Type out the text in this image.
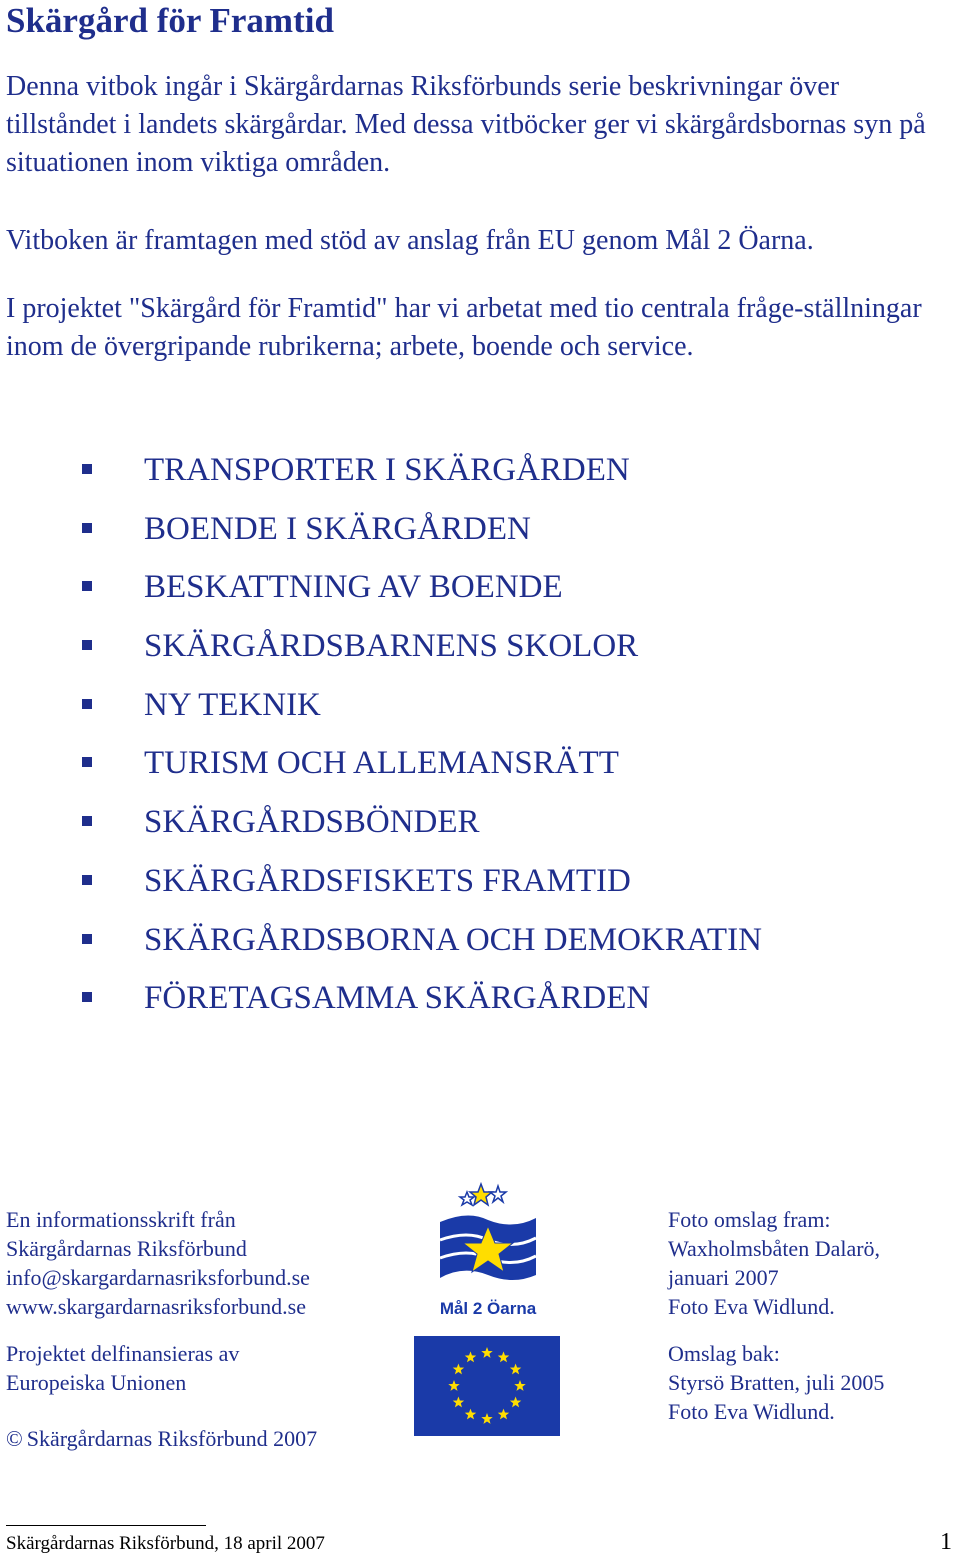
Skärgård för Framtid

Denna vitbok ingår i Skärgårdarnas Riksförbunds serie beskrivningar över tillståndet i landets skärgårdar. Med dessa vitböcker ger vi skärgårdsbornas syn på situationen inom viktiga områden.

Vitboken är framtagen med stöd av anslag från EU genom Mål 2 Öarna.

I projektet "Skärgård för Framtid" har vi arbetat med tio centrala fråge-ställningar inom de övergripande rubrikerna; arbete, boende och service.

TRANSPORTER I SKÄRGÅRDEN
BOENDE I SKÄRGÅRDEN
BESKATTNING AV BOENDE
SKÄRGÅRDSBARNENS SKOLOR
NY TEKNIK
TURISM OCH ALLEMANSRÄTT
SKÄRGÅRDSBÖNDER
SKÄRGÅRDSFISKETS FRAMTID
SKÄRGÅRDSBORNA OCH DEMOKRATIN
FÖRETAGSAMMA SKÄRGÅRDEN
En informationsskrift från
Skärgårdarnas Riksförbund
info@skargardarnasriksforbund.se
www.skargardarnasriksforbund.se
Projektet delfinansieras av
Europeiska Unionen
© Skärgårdarnas Riksförbund 2007
Foto omslag fram:
Waxholmsbåten Dalarö,
januari 2007
Foto Eva Widlund.
Omslag bak:
Styrsö Bratten, juli 2005
Foto Eva Widlund.
Mål 2 Öarna
Skärgårdarnas Riksförbund, 18 april 2007	1
